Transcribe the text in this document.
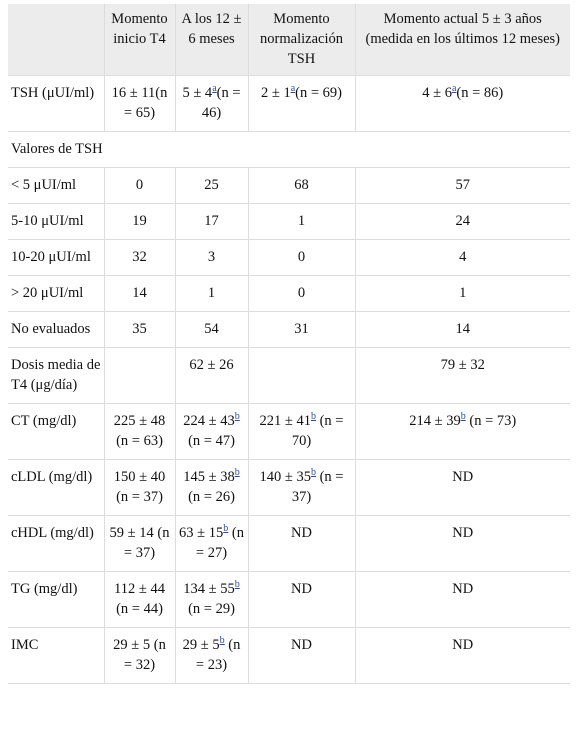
	Momento inicio T4	A los 12 ± 6 meses	Momento normalización TSH	Momento actual 5 ± 3 años (medida en los últimos 12 meses)
TSH (μUI/ml)	16 ± 11(n = 65)	5 ± 4$^a$(n = 46)	2 ± 1$^a$(n = 69)	4 ± 6$^a$(n = 86)
Valores de TSH				
< 5 μUI/ml	0	25	68	57
5-10 μUI/ml	19	17	1	24
10-20 μUI/ml	32	3	0	4
> 20 μUI/ml	14	1	0	1
No evaluados	35	54	31	14
Dosis media de T4 (μg/día)		62 ± 26		79 ± 32
CT (mg/dl)	225 ± 48 (n = 63)	224 ± 43$^b$ (n = 47)	221 ± 41$^b$ (n = 70)	214 ± 39$^b$ (n = 73)
cLDL (mg/dl)	150 ± 40 (n = 37)	145 ± 38$^b$ (n = 26)	140 ± 35$^b$ (n = 37)	ND
cHDL (mg/dl)	59 ± 14 (n = 37)	63 ± 15$^b$ (n = 27)	ND	ND
TG (mg/dl)	112 ± 44 (n = 44)	134 ± 55$^b$ (n = 29)	ND	ND
IMC	29 ± 5 (n = 32)	29 ± 5$^b$ (n = 23)	ND	ND
